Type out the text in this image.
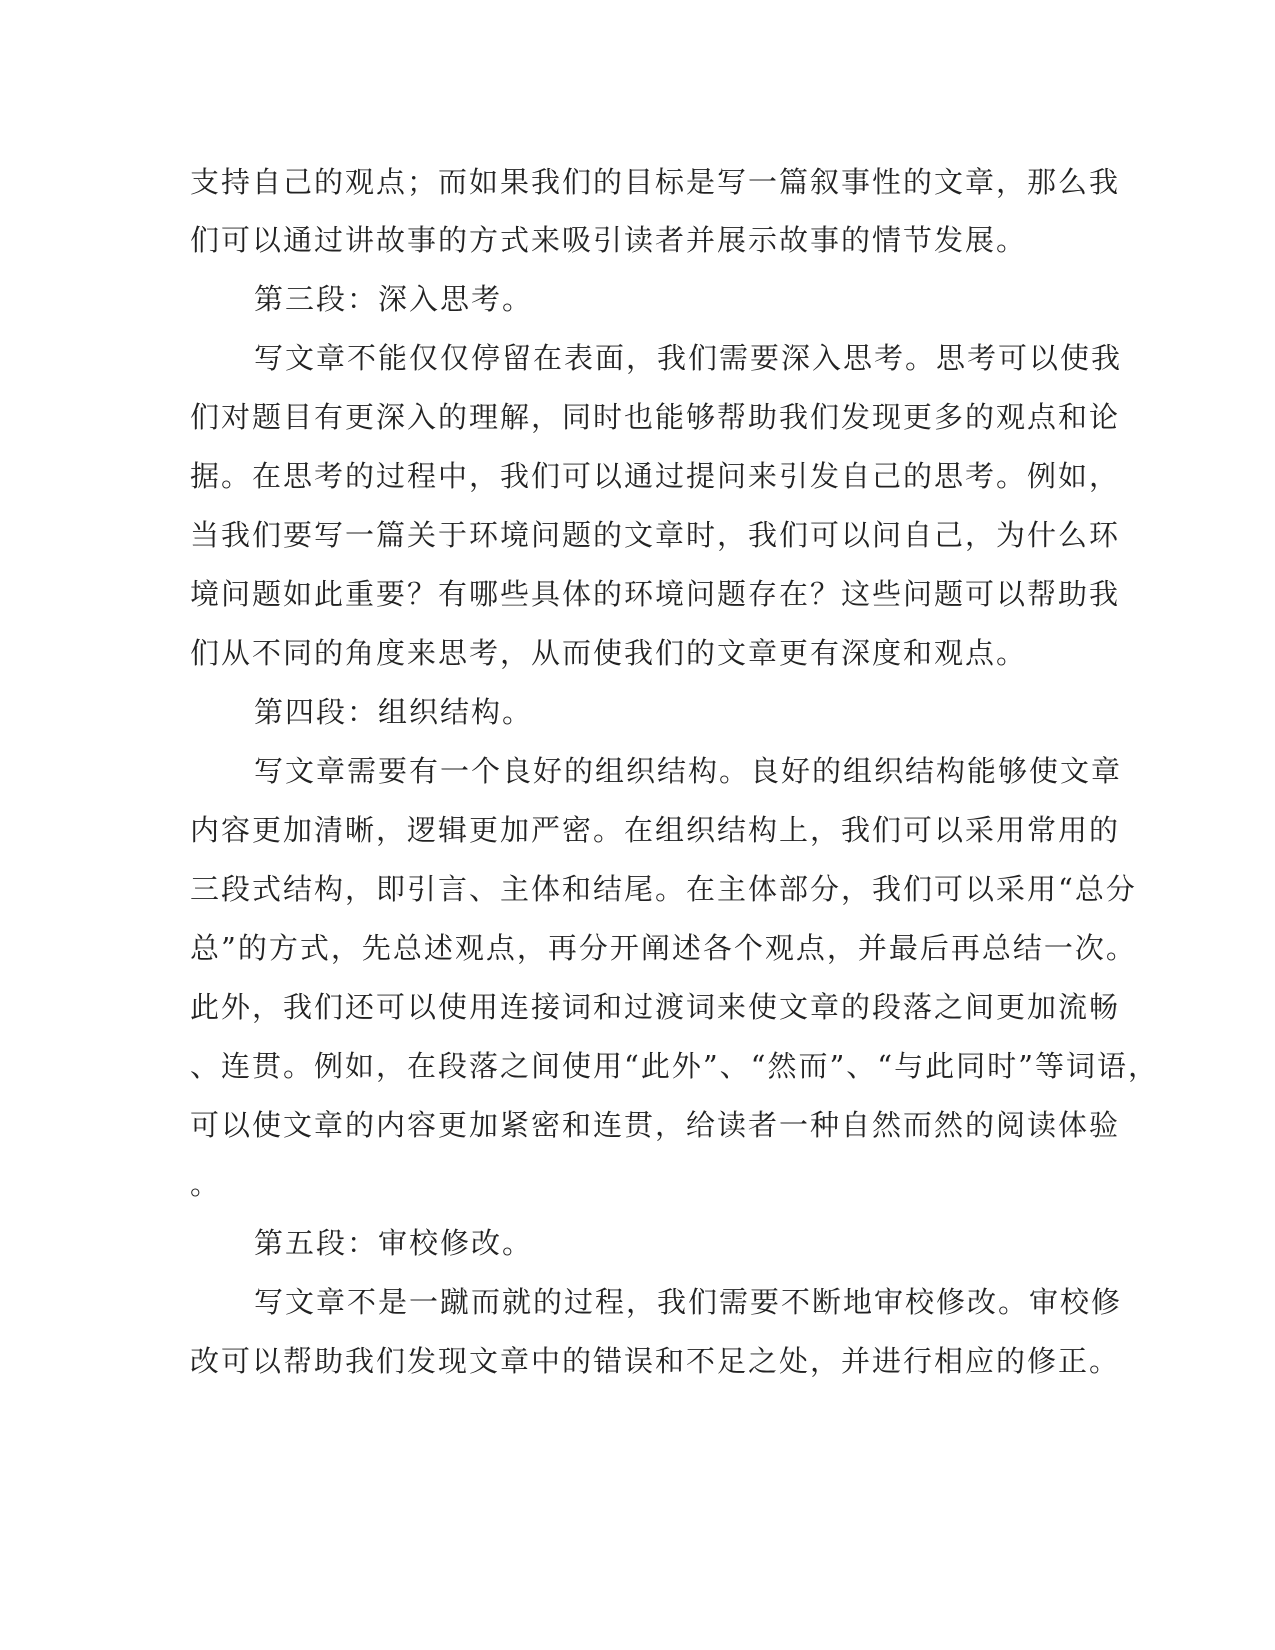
支持自己的观点；而如果我们的目标是写一篇叙事性的文章，那么我
们可以通过讲故事的方式来吸引读者并展示故事的情节发展。
第三段：深入思考。
写文章不能仅仅停留在表面，我们需要深入思考。思考可以使我
们对题目有更深入的理解，同时也能够帮助我们发现更多的观点和论
据。在思考的过程中，我们可以通过提问来引发自己的思考。例如，
当我们要写一篇关于环境问题的文章时，我们可以问自己，为什么环
境问题如此重要？有哪些具体的环境问题存在？这些问题可以帮助我
们从不同的角度来思考，从而使我们的文章更有深度和观点。
第四段：组织结构。
写文章需要有一个良好的组织结构。良好的组织结构能够使文章
内容更加清晰，逻辑更加严密。在组织结构上，我们可以采用常用的
三段式结构，即引言、主体和结尾。在主体部分，我们可以采用“总分
总”的方式，先总述观点，再分开阐述各个观点，并最后再总结一次。
此外，我们还可以使用连接词和过渡词来使文章的段落之间更加流畅
、连贯。例如，在段落之间使用“此外”、“然而”、“与此同时”等词语，
可以使文章的内容更加紧密和连贯，给读者一种自然而然的阅读体验
。
第五段：审校修改。
写文章不是一蹴而就的过程，我们需要不断地审校修改。审校修
改可以帮助我们发现文章中的错误和不足之处，并进行相应的修正。
